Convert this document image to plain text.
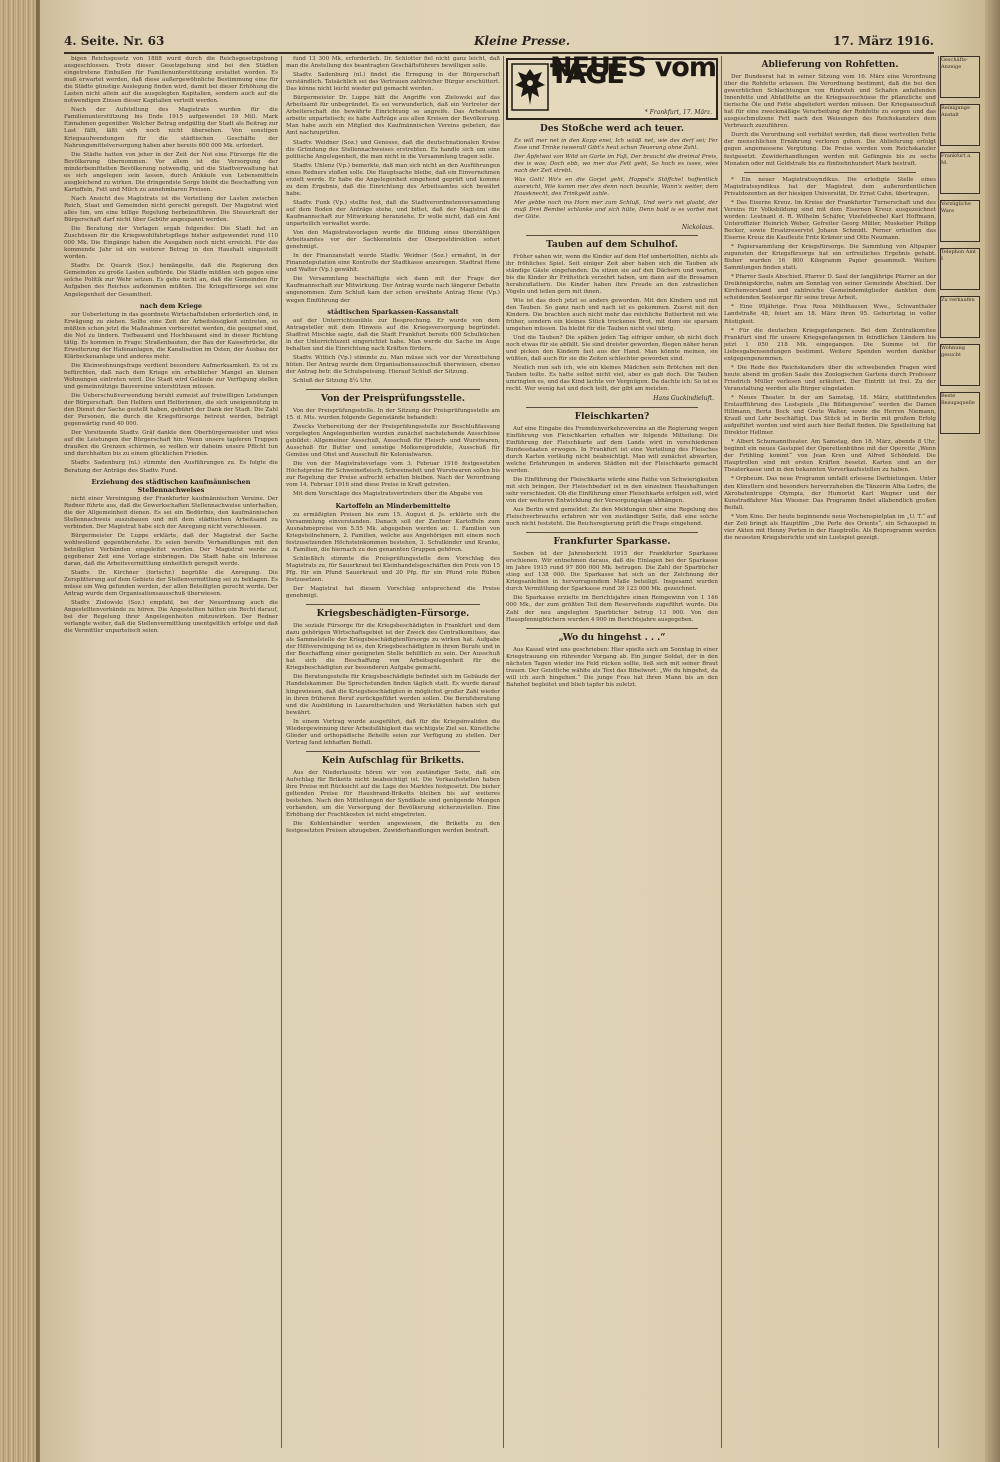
4. Seite. Nr. 63	Kleine Presse.	17. März 1916.

bigen Reichsgesetz von 1888 wurd durch die Reichsgesetzgebung ausgeschlossen. Trotz dieser Gesetzgebung sind bei den Städten eingetretene Einbußen für Familienunterstützung erstattet worden. Es muß erwartet werden, daß diese außergewöhnliche Bestimmung eine für die Städte günstige Auslegung finden wird, damit bei dieser Erhöhung die Lasten nicht allein auf die ausgelegten Kapitalien, sondern auch auf die notwendigen Zinsen dieser Kapitalien verteilt werden.

Nach der Aufstellung des Magistrats wurden für die Familienunterstützung bis Ende 1915 aufgewendet 19 Mill. Mark Einnahmen gegenüber. Welcher Betrag endgültig der Stadt als Beitrag zur Last fällt, läßt sich noch nicht übersehen. Von sonstigen Kriegsaufwendungen für die städtischen Geschäfte der Nahrungsmittelversorgung haben aber bereits 600 000 Mk. erfordert.

Die Städte hatten von jeher in der Zeit der Not eine Fürsorge für die Bevölkerung übernommen. Vor allem ist die Versorgung der minderbemittelten Bevölkerung notwendig, und die Stadtverwaltung hat es sich angelegen sein lassen, durch Ankäufe von Lebensmitteln ausgleichend zu wirken. Die dringendste Sorge bleibt die Beschaffung von Kartoffeln, Fett und Milch zu annehmbaren Preisen.

Nach Ansicht des Magistrats ist die Verteilung der Lasten zwischen Reich, Staat und Gemeinden nicht gerecht geregelt. Der Magistrat wird alles tun, um eine billige Regelung herbeizuführen. Die Steuerkraft der Bürgerschaft darf nicht über Gebühr angespannt werden.

Die Beratung der Vorlagen ergab folgendes: Die Stadt hat an Zuschüssen für die Kriegswohlfahrtspflege bisher aufgewendet rund 110 000 Mk. Die Eingänge haben die Ausgaben noch nicht erreicht. Für das kommende Jahr ist ein weiterer Betrag in den Haushalt eingestellt worden.

Stadtv. Dr. Quarck (Soz.) bemängelte, daß die Regierung den Gemeinden zu große Lasten aufbürde. Die Städte müßten sich gegen eine solche Politik zur Wehr setzen. Es gehe nicht an, daß die Gemeinden für Aufgaben des Reiches aufkommen müßten. Die Kriegsfürsorge sei eine Angelegenheit der Gesamtheit.

nach dem Kriege

zur Ueberleitung in das geordnete Wirtschaftsleben erforderlich sind, in Erwägung zu ziehen. Sollte eine Zeit der Arbeitslosigkeit eintreten, so müßten schon jetzt die Maßnahmen vorbereitet werden, die geeignet sind, die Not zu lindern. Tiefbauamt und Hochbauamt sind in dieser Richtung tätig. Es kommen in Frage: Straßenbauten, der Bau der Kaiserbrücke, die Erweiterung der Hafenanlagen, die Kanalisation im Osten, der Ausbau der Klärbeckenanlage und anderes mehr.

Die Kleinwohnungsfrage verdient besondere Aufmerksamkeit. Es ist zu befürchten, daß nach dem Kriege ein erheblicher Mangel an kleinen Wohnungen eintreten wird. Die Stadt wird Gelände zur Verfügung stellen und gemeinnützige Bauvereine unterstützen müssen.

Die Ueberschußverwendung beruht zumeist auf freiwilligen Leistungen der Bürgerschaft. Den Helfern und Helferinnen, die sich uneigennützig in den Dienst der Sache gestellt haben, gebührt der Dank der Stadt. Die Zahl der Personen, die durch die Kriegsfürsorge betreut werden, beträgt gegenwärtig rund 40 000.

Der Vorsitzende Stadtv. Gräf dankte dem Oberbürgermeister und wies auf die Leistungen der Bürgerschaft hin. Wenn unsere tapferen Truppen draußen die Grenzen schirmen, so wollen wir daheim unsere Pflicht tun und durchhalten bis zu einem glücklichen Frieden.

Stadtv. Sadenburg (nl.) stimmte den Ausführungen zu. Es folgte die Beratung der Anträge des Stadtv. Fund.

Erziehung des städtischen kaufmännischen Stellennachweises

nicht einer Vereinigung der Frankfurter kaufmännischen Vereine. Der Redner führte aus, daß die Gewerkschaften Stellennachweise unterhalten, die der Allgemeinheit dienen. Es sei ein Bedürfnis, den kaufmännischen Stellennachweis auszubauen und mit dem städtischen Arbeitsamt zu verbinden. Der Magistrat habe sich der Anregung nicht verschlossen.

Bürgermeister Dr. Luppe erklärte, daß der Magistrat der Sache wohlwollend gegenüberstehe. Es seien bereits Verhandlungen mit den beteiligten Verbänden eingeleitet worden. Der Magistrat werde zu gegebener Zeit eine Vorlage einbringen. Die Stadt habe ein Interesse daran, daß die Arbeitsvermittlung einheitlich geregelt werde.

Stadtv. Dr. Kirchner (fortschr.) begrüßte die Anregung. Die Zersplitterung auf dem Gebiete der Stellenvermittlung sei zu beklagen. Es müsse ein Weg gefunden werden, der allen Beteiligten gerecht werde. Der Antrag wurde dem Organisationsausschuß überwiesen.

Stadtv. Zielowski (Soz.) empfahl, bei der Neuordnung auch die Angestelltenverbände zu hören. Die Angestellten hätten ein Recht darauf, bei der Regelung ihrer Angelegenheiten mitzuwirken. Der Redner verlangte weiter, daß die Stellenvermittlung unentgeltlich erfolge und daß die Vermittler unparteiisch seien.

fund 13 300 Mk. erforderlich. Dr. Schlotter fiel nicht ganz leicht, daß man die Anstellung des beantragten Geschäftsführers bewilligen solle.

Stadtv. Sadenburg (nl.) findet die Erregung in der Bürgerschaft verständlich. Tatsächlich sei das Vertrauen zahlreicher Bürger erschüttert. Das könne nicht leicht wieder gut gemacht werden.

Bürgermeister Dr. Luppe hält die Angriffe von Zielowski auf das Arbeitsamt für unbegründet. Es sei verwunderlich, daß ein Vertreter der Arbeiterschaft die bewährte Einrichtung so angreife. Das Arbeitsamt arbeite unparteiisch; es habe Aufträge aus allen Kreisen der Bevölkerung. Man habe auch ein Mitglied des Kaufmännischen Vereins gebeten, das Amt nachzuprüfen.

Stadtv. Weidner (Soz.) und Genosse, daß die deutschnationalen Kreise die Gründung des Stellennachweises erstrebten. Es handle sich um eine politische Angelegenheit, die man nicht in die Versammlung tragen solle.

Stadtv. Uhlenz (Vp.) bemerkte, daß man sich nicht an den Ausführungen eines Redners stoßen solle. Die Hauptsache bleibe, daß ein Einvernehmen erzielt werde. Er habe die Angelegenheit eingehend geprüft und komme zu dem Ergebnis, daß die Einrichtung des Arbeitsamtes sich bewährt habe.

Stadtv. Funk (Vp.) stellte fest, daß die Stadtverordnetenversammlung auf dem Boden der Anträge stehe, und bittet, daß der Magistrat die Kaufmannschaft zur Mitwirkung heranziehe. Er wolle nicht, daß ein Amt unparteilich verwaltet werde.

Von den Magistratsvorlagen wurde die Bildung eines überzähligen Arbeitsamtes vor der Sachkenntnis der Oberpostdirektion sofort genehmigt.

In der Finanzanstalt wurde Stadtv. Weidner (Soz.) ermahnt, in der Finanzdeputation eine Kontrolle der Stadtkasse anzuregen. Stadtrat Hene und Walter (Vp.) gewählt.

Die Versammlung beschäftigte sich dann mit der Frage der Kaufmannschaft zur Mitwirkung. Der Antrag wurde nach längerer Debatte angenommen. Zum Schluß kam der schon erwähnte Antrag Hene (Vp.) wegen Einführung der

städtischen Sparkassen-Kassanstalt

auf der Unterrichtsmühle zur Besprechung. Er wurde von dem Antragsteller mit dem Hinweis auf die Kriegsversorgung begründet. Stadtrat Mischke sagte, daß die Stadt Frankfurt bereits 600 Schulküchen in der Unterrichtszeit eingerichtet habe. Man werde die Sache im Auge behalten und die Einrichtung nach Kräften fördern.

Stadtv. Wittich (Vp.) stimmte zu. Man müsse sich vor der Verzettelung hüten. Der Antrag wurde dem Organisationsausschuß überwiesen, ebenso der Antrag betr. die Schulspeisung. Hierauf Schluß der Sitzung.

Schluß der Sitzung 8¼ Uhr.

Von der Preisprüfungsstelle.

Von der Preisprüfungsstelle. In der Sitzung der Preisprüfungsstelle am 15. d. Mts. wurden folgende Gegenstände behandelt:

Zwecks Vorbereitung der der Preisprüfungsstelle zur Beschlußfassung vorgelegten Angelegenheiten wurden zunächst nachstehende Ausschüsse gebildet: Allgemeiner Ausschuß, Ausschuß für Fleisch- und Wurstwaren, Ausschuß für Butter und sonstige Molkereiprodukte, Ausschuß für Gemüse und Obst und Ausschuß für Kolonialwaren.

Die von der Magistratsvorlage vom 3. Februar 1916 festgesetzten Höchstpreise für Schweinefleisch, Schweinefett und Wurstwaren sollen bis zur Regelung der Preise aufrecht erhalten bleiben. Nach der Verordnung vom 14. Februar 1916 sind diese Preise in Kraft getreten.

Mit dem Vorschlage des Magistratsvertreters über die Abgabe von

Kartoffeln an Minderbemittelte

zu ermäßigten Preisen bis zum 15. August d. Js. erklärte sich die Versammlung einverstanden. Danach soll der Zentner Kartoffeln zum Ausnahmepreise von 5.55 Mk. abgegeben werden an: 1. Familien von Kriegsteilnehmern, 2. Familien, welche aus Angehörigen mit einem noch festzusetzenden Höchsteinkommen bestehen, 3. Schulkinder und Kranke, 4. Familien, die hiernach zu den genannten Gruppen gehören.

Schließlich stimmte die Preisprüfungsstelle dem Vorschlag des Magistrats zu, für Sauerkraut bei Kleinhandelsgeschäften den Preis von 15 Pfg. für ein Pfund Sauerkraut und 20 Pfg. für ein Pfund rote Rüben festzusetzen.

Der Magistrat hat diesem Vorschlag entsprechend die Preise genehmigt.

Kriegsbeschädigten-Fürsorge.

Die soziale Fürsorge für die Kriegsbeschädigten in Frankfurt und dem dazu gehörigen Wirtschaftsgebiet ist der Zweck des Centralkomitees, das als Sammelstelle der Kriegsbeschädigtenfürsorge zu wirken hat. Aufgabe der Hilfsvereinigung ist es, den Kriegsbeschädigten in ihrem Berufe und in der Beschaffung einer geeigneten Stelle behilflich zu sein. Der Ausschuß hat sich die Beschaffung von Arbeitsgelegenheit für die Kriegsbeschädigten zur besonderen Aufgabe gemacht.

Die Beratungsstelle für Kriegsbeschädigte befindet sich im Gebäude der Handelskammer. Die Sprechstunden finden täglich statt. Es wurde darauf hingewiesen, daß die Kriegsbeschädigten in möglichst großer Zahl wieder in ihren früheren Beruf zurückgeführt werden sollen. Die Berufsberatung und die Ausbildung in Lazarettschulen und Werkstätten haben sich gut bewährt.

In einem Vortrag wurde ausgeführt, daß für die Kriegsinvaliden die Wiedergewinnung ihrer Arbeitsfähigkeit das wichtigste Ziel sei. Künstliche Glieder und orthopädische Behelfe seien zur Verfügung zu stellen. Der Vortrag fand lebhaften Beifall.

Kein Aufschlag für Briketts.

Aus der Niederlausitz hören wir von zuständiger Seite, daß ein Aufschlag für Briketts nicht beabsichtigt ist. Die Verkaufsstellen haben ihre Preise mit Rücksicht auf die Lage des Marktes festgesetzt. Die bisher geltenden Preise für Hausbrand-Briketts bleiben bis auf weiteres bestehen. Nach den Mitteilungen der Syndikate sind genügende Mengen vorhanden, um die Versorgung der Bevölkerung sicherzustellen. Eine Erhöhung der Frachtkosten ist nicht eingetreten.

Die Kohlenhändler werden angewiesen, die Briketts zu den festgesetzten Preisen abzugeben. Zuwiderhandlungen werden bestraft.

NEUES vom TAGE
* Frankfurt, 17. März.
Des Stoßche werd ach teuer.

Es will mer net in den Kopp enei, Ich wääß net, wie des derf sei; Fer Esse und Trinke iwwerall Gibt's heut schun Teuerung ohne Zahl.

Der Äpfelwoi von Wild un Garte im Faß, Der braucht die dreimal Preis, des is was; Doch ebb, wo mer das Fett gebt, So hoch es isses, wies nach der Zeit strebt.

Was Gott! Wo's en die Gorjel geht, Hoppst's Stöffche! hoffentlich ausreicht, Wie kumm mer des denn noch bezahle, Wann's weiter, dem Hausknecht, des Trinkgeld zahle.

Mer gebbe noch ins Horn mer zum Schluß, Und wer's net glaabt, der muß Drei Bembel schlanke und sich hüte, Denn bald is es vorbei met der Güte.

Nickolaus.
Tauben auf dem Schulhof.

Früher sahen wir, wenn die Kinder auf dem Hof umhertollten, nichts als ihr fröhliches Spiel. Seit einiger Zeit aber haben sich die Tauben als ständige Gäste eingefunden. Da sitzen sie auf den Dächern und warten, bis die Kinder ihr Frühstück verzehrt haben, um dann auf die Brosamen herabzuflattern. Die Kinder haben ihre Freude an den zutraulichen Vögeln und teilen gern mit ihnen.

Wie ist das doch jetzt so anders geworden. Mit den Kindern und mit den Tauben. So ganz nach und nach ist es gekommen. Zuerst mit den Kindern. Die brachten auch nicht mehr das reichliche Butterbrot mit wie früher, sondern ein kleines Stück trockenes Brot, mit dem sie sparsam umgehen müssen. Da bleibt für die Tauben nicht viel übrig.

Und die Tauben? Die spähen jeden Tag eifriger umher, ob nicht doch noch etwas für sie abfällt. Sie sind dreister geworden, fliegen näher heran und picken den Kindern fast aus der Hand. Man könnte meinen, sie wüßten, daß auch für sie die Zeiten schlechter geworden sind.

Neulich nun sah ich, wie ein kleines Mädchen sein Brötchen mit den Tauben teilte. Es hatte selbst nicht viel, aber es gab doch. Die Tauben umringten es, und das Kind lachte vor Vergnügen. Da dachte ich: So ist es recht. Wer wenig hat und doch teilt, der gibt am meisten.

Hans Guckindieluft.
Fleischkarten?

Auf eine Eingabe des Fremdenverkehrsvereins an die Regierung wegen Einführung von Fleischkarten erhalten wir folgende Mitteilung: Die Einführung der Fleischkarte auf dem Lande wird in verschiedenen Bundesstaaten erwogen. In Frankfurt ist eine Verteilung des Fleisches durch Karten vorläufig nicht beabsichtigt. Man will zunächst abwarten, welche Erfahrungen in anderen Städten mit der Fleischkarte gemacht werden.

Die Einführung der Fleischkarte würde eine Reihe von Schwierigkeiten mit sich bringen. Der Fleischbedarf ist in den einzelnen Haushaltungen sehr verschieden. Ob die Einführung einer Fleischkarte erfolgen soll, wird von der weiteren Entwicklung der Versorgungslage abhängen.

Aus Berlin wird gemeldet: Zu den Meldungen über eine Regelung des Fleischverbrauchs erfahren wir von zuständiger Seite, daß eine solche noch nicht feststeht. Die Reichsregierung prüft die Frage eingehend.

Frankfurter Sparkasse.

Soeben ist der Jahresbericht 1915 der Frankfurter Sparkasse erschienen. Wir entnehmen daraus, daß die Einlagen bei der Sparkasse im Jahre 1915 rund 97 800 000 Mk. betrugen. Die Zahl der Sparbücher stieg auf 138 000. Die Sparkasse hat sich an der Zeichnung der Kriegsanleihen in hervorragendem Maße beteiligt. Insgesamt wurden durch Vermittlung der Sparkasse rund 39 123 000 Mk. gezeichnet.

Die Sparkasse erzielte im Berichtsjahre einen Reingewinn von 1 146 000 Mk., der zum größten Teil dem Reservefonds zugeführt wurde. Die Zahl der neu angelegten Sparbücher betrug 13 900. Von den Hauspfennigbüchern wurden 4 900 im Berichtsjahre ausgegeben.

„Wo du hingehst . . .“

Aus Kassel wird uns geschrieben: Hier spielte sich am Sonntag in einer Kriegstrauung ein rührender Vorgang ab. Ein junger Soldat, der in den nächsten Tagen wieder ins Feld rücken sollte, ließ sich mit seiner Braut trauen. Der Geistliche wählte als Text das Bibelwort: „Wo du hingehst, da will ich auch hingehen.“ Die junge Frau hat ihren Mann bis an den Bahnhof begleitet und blieb tapfer bis zuletzt.

Ablieferung von Rohfetten.

Der Bundesrat hat in seiner Sitzung vom 16. März eine Verordnung über die Rohfette erlassen. Die Verordnung bestimmt, daß die bei den gewerblichen Schlachtungen von Rindvieh und Schafen anfallenden Innenfette und Abfallfette an die Kriegsausschüsse für pflanzliche und tierische Öle und Fette abgeliefert werden müssen. Der Kriegsausschuß hat für eine zweckmäßige Verarbeitung der Rohfette zu sorgen und das ausgeschmolzene Fett nach den Weisungen des Reichskanzlers dem Verbrauch zuzuführen.

Durch die Verordnung soll verhütet werden, daß diese wertvollen Fette der menschlichen Ernährung verloren gehen. Die Ablieferung erfolgt gegen angemessene Vergütung. Die Preise werden vom Reichskanzler festgesetzt. Zuwiderhandlungen werden mit Gefängnis bis zu sechs Monaten oder mit Geldstrafe bis zu fünfzehnhundert Mark bestraft.

* Ein neuer Magistratssyndikus. Die erledigte Stelle eines Magistratssyndikus hat der Magistrat dem außerordentlichen Privatdozenten an der hiesigen Universität, Dr. Ernst Cahn, übertragen.

* Das Eiserne Kreuz. Im Kreise der Frankfurter Turnerschaft und des Vereins für Volksbildung sind mit dem Eisernen Kreuz ausgezeichnet worden: Leutnant d. R. Wilhelm Schäfer, Vizefeldwebel Karl Hoffmann, Unteroffizier Heinrich Weber, Gefreiter Georg Müller, Musketier Philipp Becker, sowie Ersatzreservist Johann Schmidt. Ferner erhielten das Eiserne Kreuz die Kaufleute Fritz Krämer und Otto Neumann.

* Papiersammlung der Kriegsfürsorge. Die Sammlung von Altpapier zugunsten der Kriegsfürsorge hat ein erfreuliches Ergebnis gehabt. Bisher wurden 16 800 Kilogramm Papier gesammelt. Weitere Sammlungen finden statt.

* Pfarrer Sauls Abschied. Pfarrer D. Saul der langjährige Pfarrer an der Dreikönigskirche, nahm am Sonntag von seiner Gemeinde Abschied. Der Kirchenvorstand und zahlreiche Gemeindemitglieder dankten dem scheidenden Seelsorger für seine treue Arbeit.

* Eine 95jährige. Frau Rosa Mühlhausen Wwe., Schwanthaler Landstraße 48, feiert am 18. März ihren 95. Geburtstag in voller Rüstigkeit.

* Für die deutschen Kriegsgefangenen. Bei dem Zentralkomitee Frankfurt sind für unsere Kriegsgefangenen in feindlichen Ländern bis jetzt 1 050 218 Mk. eingegangen. Die Summe ist für Liebesgabensendungen bestimmt. Weitere Spenden werden dankbar entgegengenommen.

* Die Rede des Reichskanzlers über die schwebenden Fragen wird heute abend im großen Saale des Zoologischen Gartens durch Professor Friedrich Müller verlesen und erläutert. Der Eintritt ist frei. Zu der Veranstaltung werden alle Bürger eingeladen.

* Neues Theater. In der am Samstag, 18. März, stattfindenden Erstaufführung des Lustspiels „Die Bildungsreise“ werden die Damen Hillmann, Berta Bock und Grete Walter, sowie die Herren Niemann, Krauß und Lehr beschäftigt. Das Stück ist in Berlin mit großem Erfolg aufgeführt worden und wird auch hier Beifall finden. Die Spielleitung hat Direktor Hellmer.

* Albert Schumanntheater. Am Samstag, den 18. März, abends 8 Uhr, beginnt ein neues Gastspiel der Operettenbühne mit der Operette „Wenn der Frühling kommt“ von Jean Kren und Alfred Schönfeld. Die Hauptrollen sind mit ersten Kräften besetzt. Karten sind an der Theaterkasse und in den bekannten Vorverkaufsstellen zu haben.

* Orpheum. Das neue Programm umfaßt erlesene Darbietungen. Unter den Künstlern sind besonders hervorzuheben die Tänzerin Alba Ledro, die Akrobatentruppe Olympia, der Humorist Karl Wegner und der Kunstradfahrer Max Wiesner. Das Programm findet allabendlich großen Beifall.

* Vom Kino. Der heute beginnende neue Wochenspielplan im „U. T.“ auf der Zeil bringt als Hauptfilm „Die Perle des Orients“, ein Schauspiel in vier Akten mit Henny Porten in der Hauptrolle. Als Beiprogramm werden die neuesten Kriegsberichte und ein Lustspiel gezeigt.

Geschäfts-Anzeige
Reinigungs-Anstalt
Frankfurt a. M.
Vorzügliche Ware
Telephon Amt I
Zu verkaufen
Wohnung gesucht
Beste Bezugsquelle
